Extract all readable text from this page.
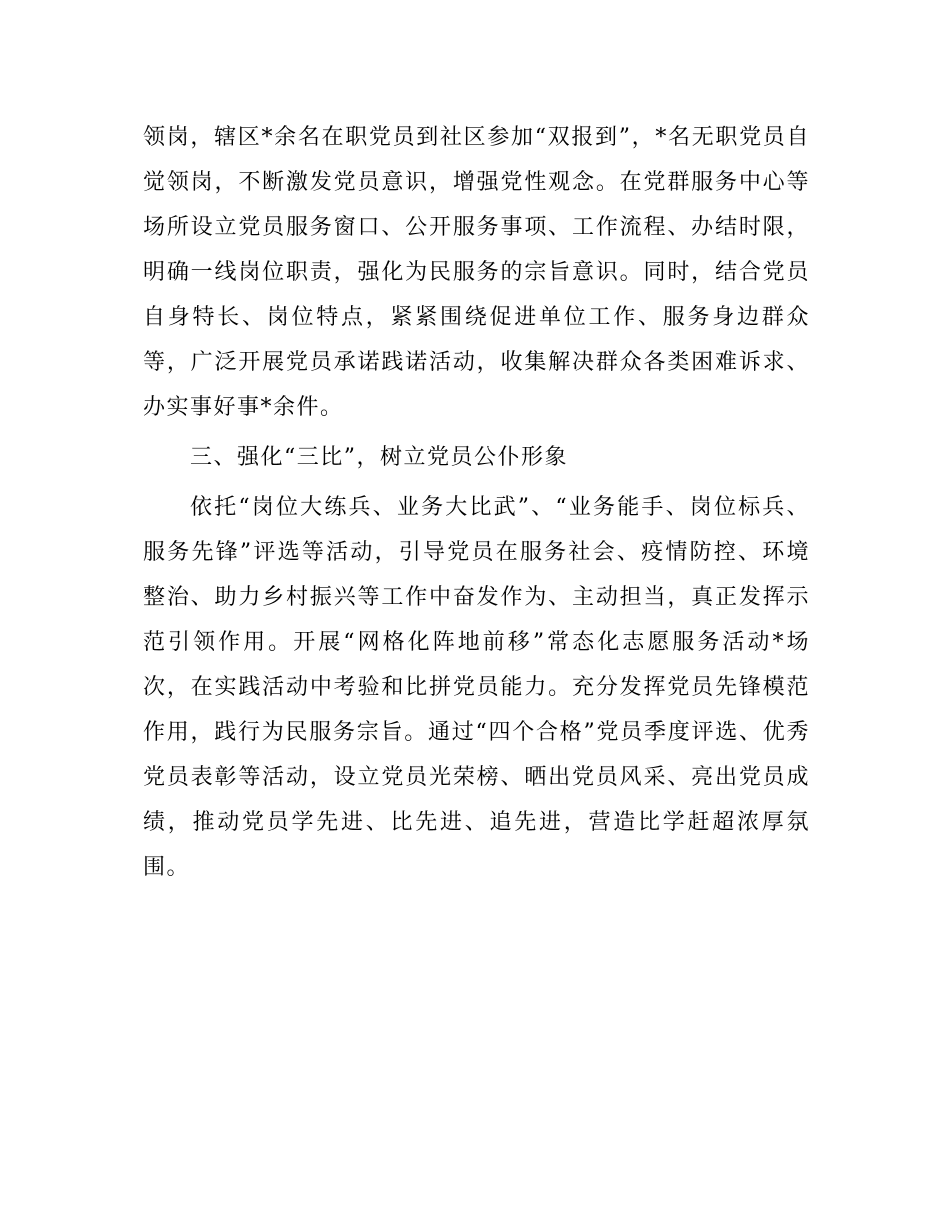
领岗，辖区*余名在职党员到社区参加“双报到”，*名无职党员自觉领岗，不断激发党员意识，增强党性观念。在党群服务中心等场所设立党员服务窗口、公开服务事项、工作流程、办结时限，明确一线岗位职责，强化为民服务的宗旨意识。同时，结合党员自身特长、岗位特点，紧紧围绕促进单位工作、服务身边群众等，广泛开展党员承诺践诺活动，收集解决群众各类困难诉求、办实事好事*余件。

三、强化“三比”，树立党员公仆形象

依托“岗位大练兵、业务大比武”、“业务能手、岗位标兵、服务先锋”评选等活动，引导党员在服务社会、疫情防控、环境整治、助力乡村振兴等工作中奋发作为、主动担当，真正发挥示范引领作用。开展“网格化阵地前移”常态化志愿服务活动*场次，在实践活动中考验和比拼党员能力。充分发挥党员先锋模范作用，践行为民服务宗旨。通过“四个合格”党员季度评选、优秀党员表彰等活动，设立党员光荣榜、晒出党员风采、亮出党员成绩，推动党员学先进、比先进、追先进，营造比学赶超浓厚氛围。
